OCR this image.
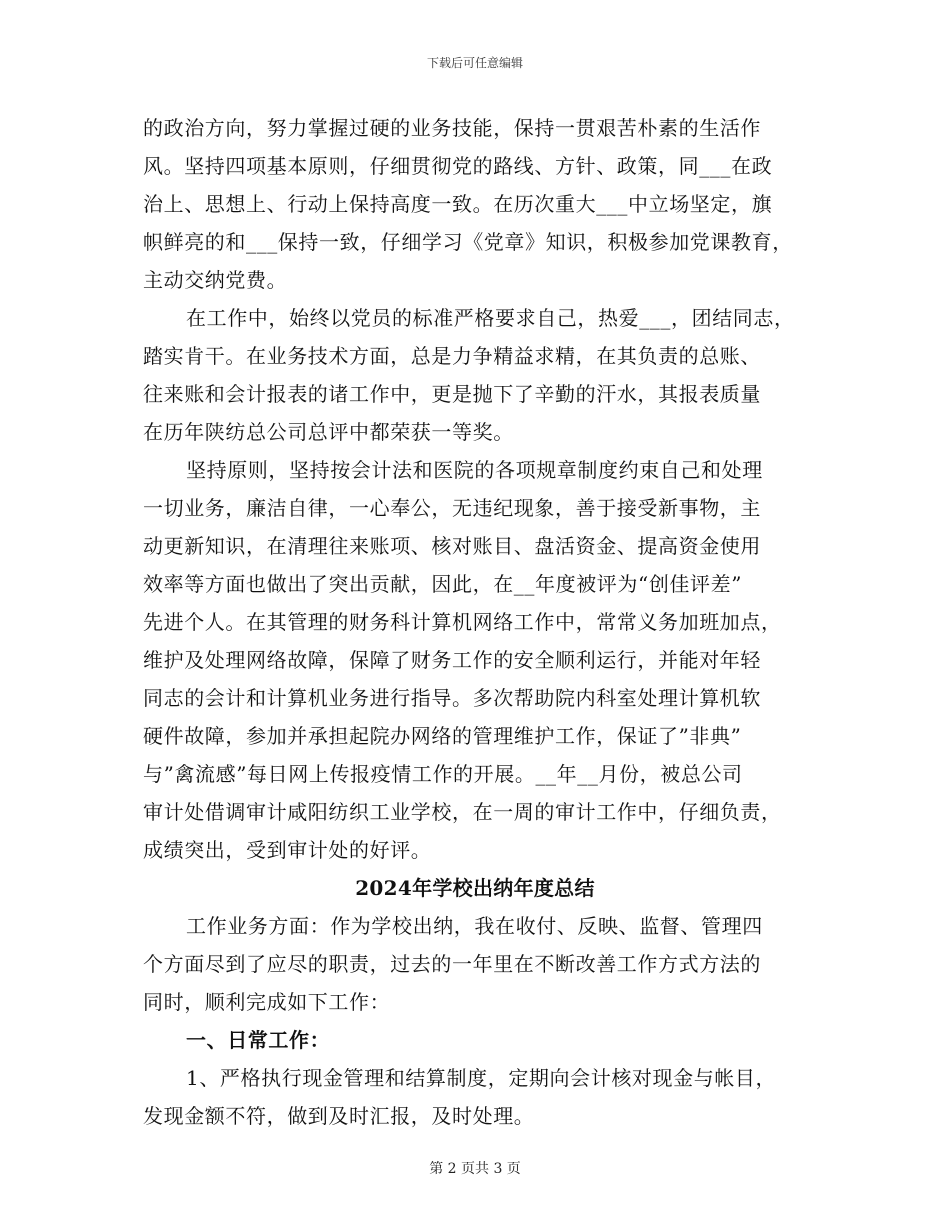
下载后可任意编辑
的政治方向，努力掌握过硬的业务技能，保持一贯艰苦朴素的生活作
风。坚持四项基本原则，仔细贯彻党的路线、方针、政策，同___在政
治上、思想上、行动上保持高度一致。在历次重大___中立场坚定，旗
帜鲜亮的和___保持一致，仔细学习《党章》知识，积极参加党课教育，
主动交纳党费。
在工作中，始终以党员的标准严格要求自己，热爱___，团结同志，
踏实肯干。在业务技术方面，总是力争精益求精，在其负责的总账、
往来账和会计报表的诸工作中，更是抛下了辛勤的汗水，其报表质量
在历年陕纺总公司总评中都荣获一等奖。
坚持原则，坚持按会计法和医院的各项规章制度约束自己和处理
一切业务，廉洁自律，一心奉公，无违纪现象，善于接受新事物，主
动更新知识，在清理往来账项、核对账目、盘活资金、提高资金使用
效率等方面也做出了突出贡献，因此，在__年度被评为“创佳评差”
先进个人。在其管理的财务科计算机网络工作中，常常义务加班加点，
维护及处理网络故障，保障了财务工作的安全顺利运行，并能对年轻
同志的会计和计算机业务进行指导。多次帮助院内科室处理计算机软
硬件故障，参加并承担起院办网络的管理维护工作，保证了”非典”
与”禽流感”每日网上传报疫情工作的开展。__年__月份，被总公司
审计处借调审计咸阳纺织工业学校，在一周的审计工作中，仔细负责，
成绩突出，受到审计处的好评。
2024年学校出纳年度总结
工作业务方面：作为学校出纳，我在收付、反映、监督、管理四
个方面尽到了应尽的职责，过去的一年里在不断改善工作方式方法的
同时，顺利完成如下工作：
一、日常工作：
1、严格执行现金管理和结算制度，定期向会计核对现金与帐目，
发现金额不符，做到及时汇报，及时处理。
第 2 页共 3 页
